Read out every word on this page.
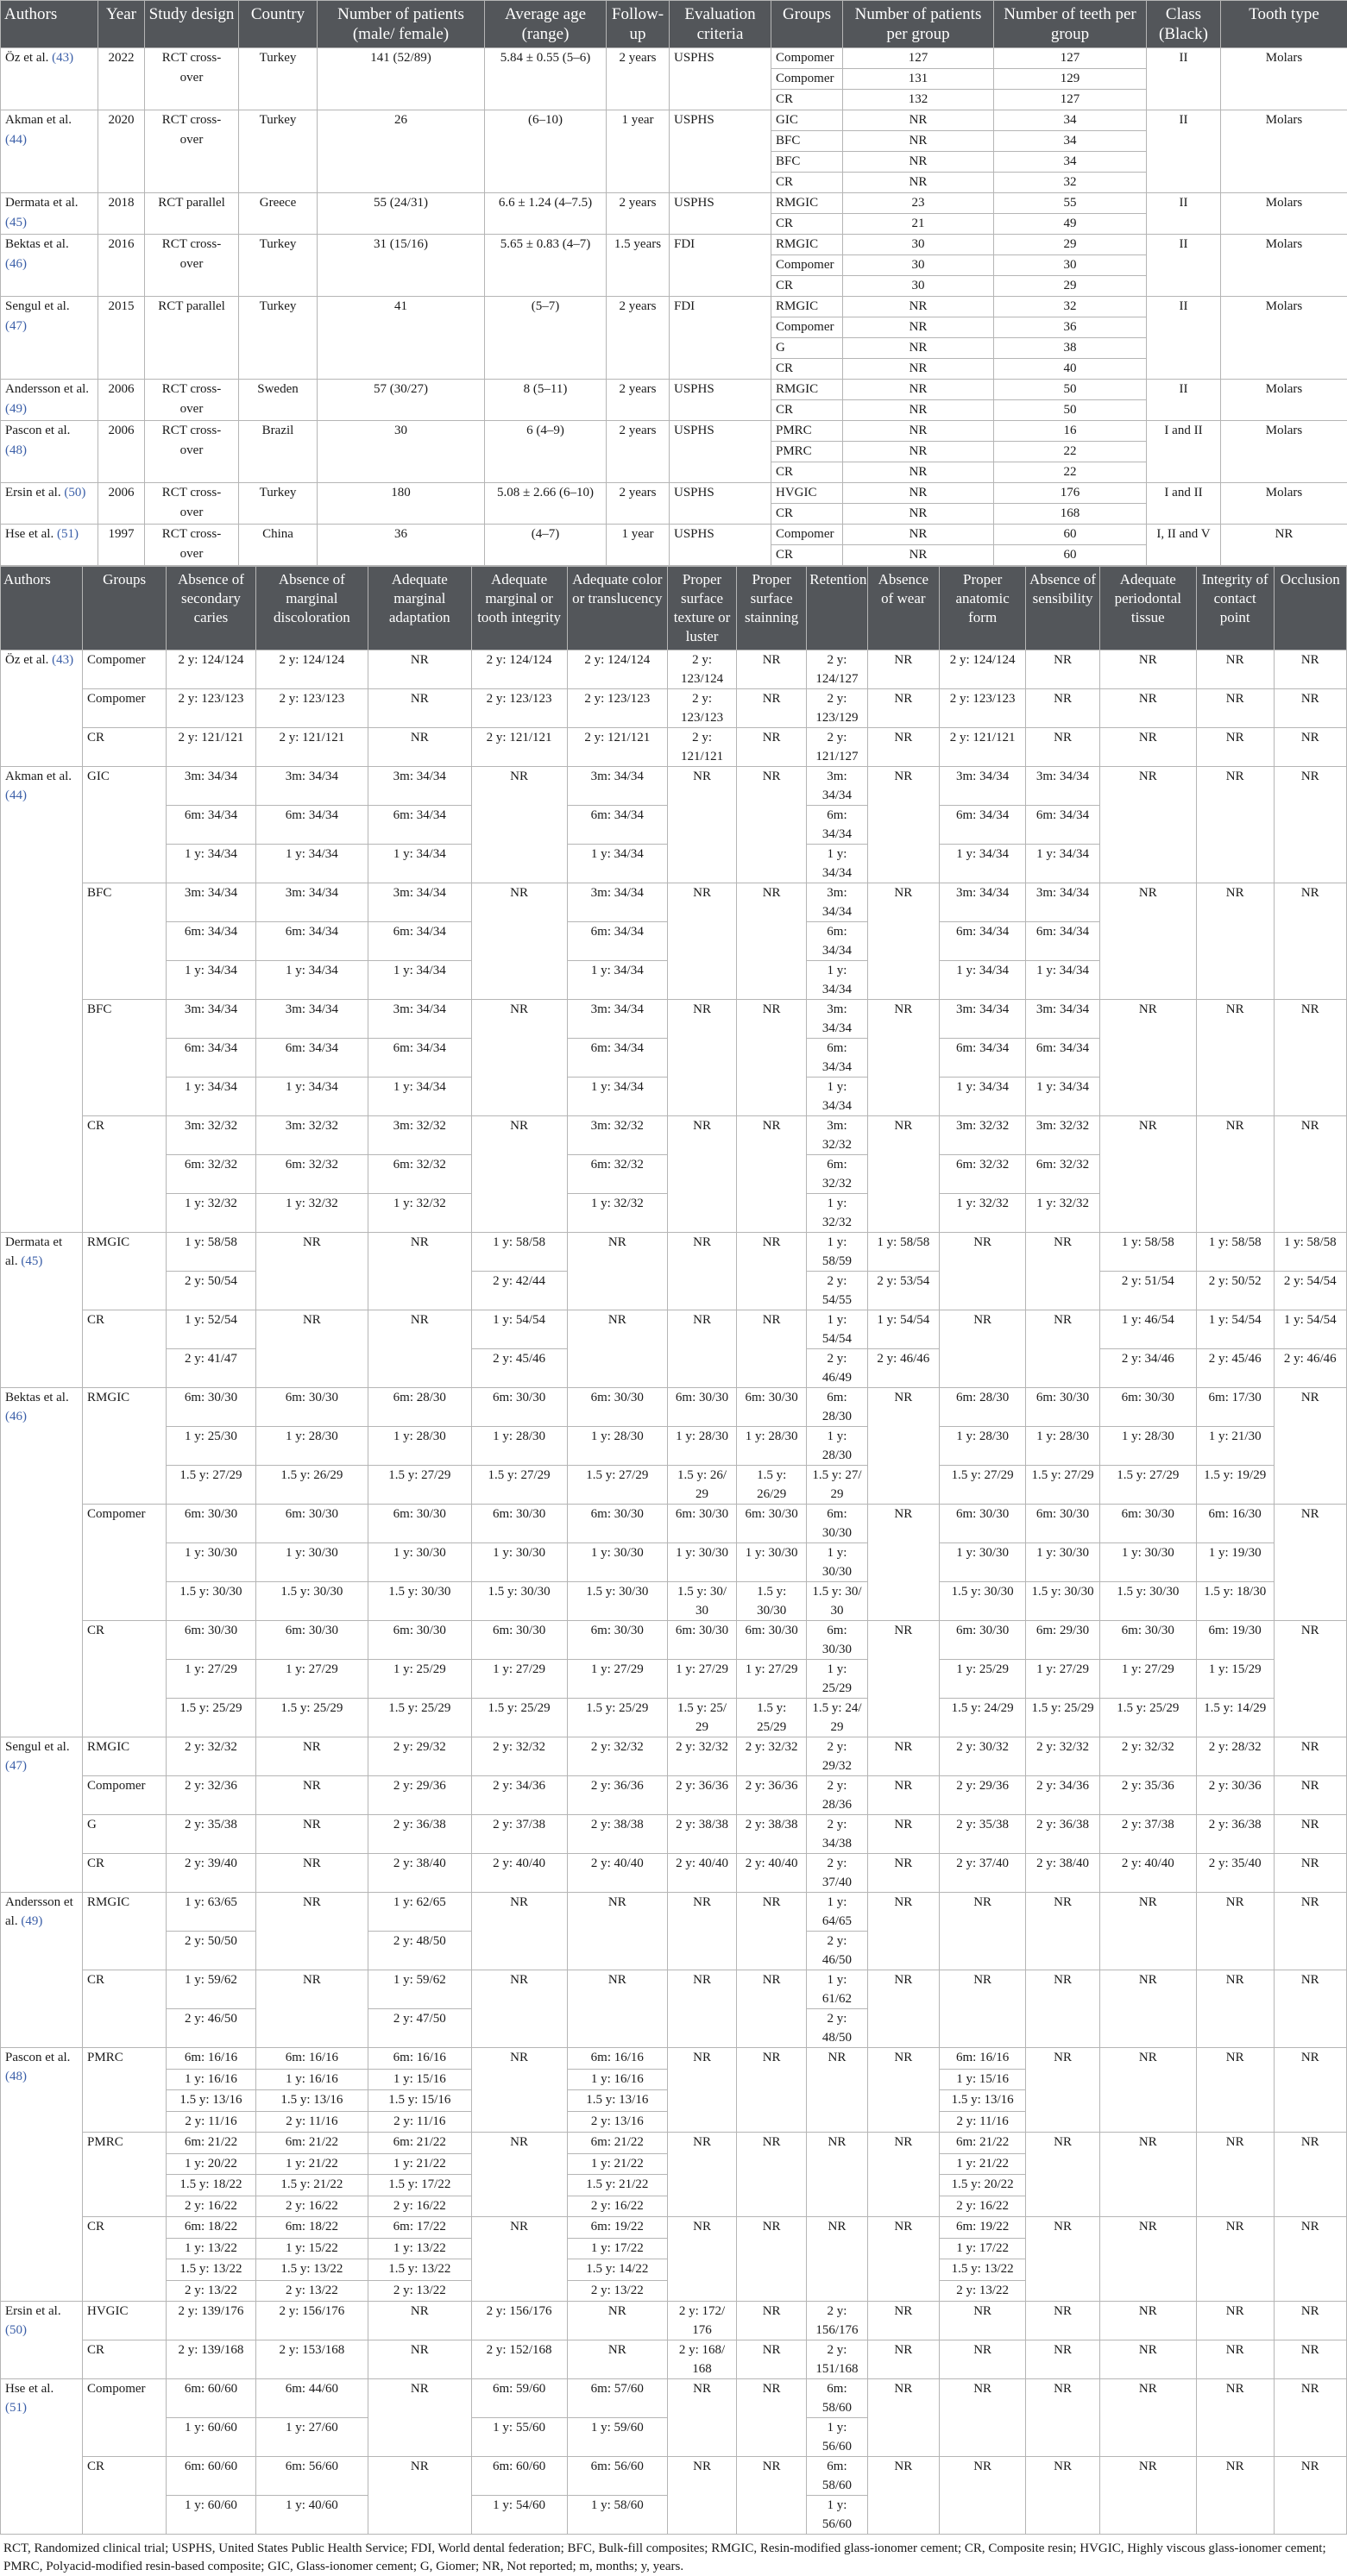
Authors	Year	Study design	Country	Number of patients (male/ female)	Average age (range)	Follow- up	Evaluation criteria	Groups	Number of patients per group	Number of teeth per group	Class (Black)	Tooth type
Öz et al. (43)	2022	RCT cross- over	Turkey	141 (52/89)	5.84 ± 0.55 (5–6)	2 years	USPHS	Compomer	127	127	II	Molars
								Compomer	131	129		
								CR	132	127		
Akman et al. (44)	2020	RCT cross- over	Turkey	26	(6–10)	1 year	USPHS	GIC	NR	34	II	Molars
								BFC	NR	34		
								BFC	NR	34		
								CR	NR	32		
Dermata et al. (45)	2018	RCT parallel	Greece	55 (24/31)	6.6 ± 1.24 (4–7.5)	2 years	USPHS	RMGIC	23	55	II	Molars
								CR	21	49		
Bektas et al. (46)	2016	RCT cross- over	Turkey	31 (15/16)	5.65 ± 0.83 (4–7)	1.5 years	FDI	RMGIC	30	29	II	Molars
								Compomer	30	30		
								CR	30	29		
Sengul et al. (47)	2015	RCT parallel	Turkey	41	(5–7)	2 years	FDI	RMGIC	NR	32	II	Molars
								Compomer	NR	36		
								G	NR	38		
								CR	NR	40		
Andersson et al. (49)	2006	RCT cross- over	Sweden	57 (30/27)	8 (5–11)	2 years	USPHS	RMGIC	NR	50	II	Molars
								CR	NR	50		
Pascon et al. (48)	2006	RCT cross- over	Brazil	30	6 (4–9)	2 years	USPHS	PMRC	NR	16	I and II	Molars
								PMRC	NR	22		
								CR	NR	22		
Ersin et al. (50)	2006	RCT cross- over	Turkey	180	5.08 ± 2.66 (6–10)	2 years	USPHS	HVGIC	NR	176	I and II	Molars
								CR	NR	168		
Hse et al. (51)	1997	RCT cross- over	China	36	(4–7)	1 year	USPHS	Compomer	NR	60	I, II and V	NR
								CR	NR	60		
Authors	Groups	Absence of secondary caries	Absence of marginal discoloration	Adequate marginal adaptation	Adequate marginal or tooth integrity	Adequate color or translucency	Proper surface texture or luster	Proper surface stainning	Retention	Absence of wear	Proper anatomic form	Absence of sensibility	Adequate periodontal tissue	Integrity of contact point	Occlusion
Öz et al. (43)	Compomer	2 y: 124/124	2 y: 124/124	NR	2 y: 124/124	2 y: 124/124	2 y: 123/124	NR	2 y: 124/127	NR	2 y: 124/124	NR	NR	NR	NR
	Compomer	2 y: 123/123	2 y: 123/123	NR	2 y: 123/123	2 y: 123/123	2 y: 123/123	NR	2 y: 123/129	NR	2 y: 123/123	NR	NR	NR	NR
	CR	2 y: 121/121	2 y: 121/121	NR	2 y: 121/121	2 y: 121/121	2 y: 121/121	NR	2 y: 121/127	NR	2 y: 121/121	NR	NR	NR	NR
Akman et al. (44)	GIC	3m: 34/34	3m: 34/34	3m: 34/34	NR	3m: 34/34	NR	NR	3m: 34/34	NR	3m: 34/34	3m: 34/34	NR	NR	NR
		6m: 34/34	6m: 34/34	6m: 34/34		6m: 34/34			6m: 34/34		6m: 34/34	6m: 34/34			
		1 y: 34/34	1 y: 34/34	1 y: 34/34		1 y: 34/34			1 y: 34/34		1 y: 34/34	1 y: 34/34			
	BFC	3m: 34/34	3m: 34/34	3m: 34/34	NR	3m: 34/34	NR	NR	3m: 34/34	NR	3m: 34/34	3m: 34/34	NR	NR	NR
		6m: 34/34	6m: 34/34	6m: 34/34		6m: 34/34			6m: 34/34		6m: 34/34	6m: 34/34			
		1 y: 34/34	1 y: 34/34	1 y: 34/34		1 y: 34/34			1 y: 34/34		1 y: 34/34	1 y: 34/34			
	BFC	3m: 34/34	3m: 34/34	3m: 34/34	NR	3m: 34/34	NR	NR	3m: 34/34	NR	3m: 34/34	3m: 34/34	NR	NR	NR
		6m: 34/34	6m: 34/34	6m: 34/34		6m: 34/34			6m: 34/34		6m: 34/34	6m: 34/34			
		1 y: 34/34	1 y: 34/34	1 y: 34/34		1 y: 34/34			1 y: 34/34		1 y: 34/34	1 y: 34/34			
	CR	3m: 32/32	3m: 32/32	3m: 32/32	NR	3m: 32/32	NR	NR	3m: 32/32	NR	3m: 32/32	3m: 32/32	NR	NR	NR
		6m: 32/32	6m: 32/32	6m: 32/32		6m: 32/32			6m: 32/32		6m: 32/32	6m: 32/32			
		1 y: 32/32	1 y: 32/32	1 y: 32/32		1 y: 32/32			1 y: 32/32		1 y: 32/32	1 y: 32/32			
Dermata et al. (45)	RMGIC	1 y: 58/58	NR	NR	1 y: 58/58	NR	NR	NR	1 y: 58/59	1 y: 58/58	NR	NR	1 y: 58/58	1 y: 58/58	1 y: 58/58
		2 y: 50/54			2 y: 42/44				2 y: 54/55	2 y: 53/54			2 y: 51/54	2 y: 50/52	2 y: 54/54
	CR	1 y: 52/54	NR	NR	1 y: 54/54	NR	NR	NR	1 y: 54/54	1 y: 54/54	NR	NR	1 y: 46/54	1 y: 54/54	1 y: 54/54
		2 y: 41/47			2 y: 45/46				2 y: 46/49	2 y: 46/46			2 y: 34/46	2 y: 45/46	2 y: 46/46
Bektas et al. (46)	RMGIC	6m: 30/30	6m: 30/30	6m: 28/30	6m: 30/30	6m: 30/30	6m: 30/30	6m: 30/30	6m: 28/30	NR	6m: 28/30	6m: 30/30	6m: 30/30	6m: 17/30	NR
		1 y: 25/30	1 y: 28/30	1 y: 28/30	1 y: 28/30	1 y: 28/30	1 y: 28/30	1 y: 28/30	1 y: 28/30		1 y: 28/30	1 y: 28/30	1 y: 28/30	1 y: 21/30	
		1.5 y: 27/29	1.5 y: 26/29	1.5 y: 27/29	1.5 y: 27/29	1.5 y: 27/29	1.5 y: 26/ 29	1.5 y: 26/29	1.5 y: 27/ 29		1.5 y: 27/29	1.5 y: 27/29	1.5 y: 27/29	1.5 y: 19/29	
	Compomer	6m: 30/30	6m: 30/30	6m: 30/30	6m: 30/30	6m: 30/30	6m: 30/30	6m: 30/30	6m: 30/30	NR	6m: 30/30	6m: 30/30	6m: 30/30	6m: 16/30	NR
		1 y: 30/30	1 y: 30/30	1 y: 30/30	1 y: 30/30	1 y: 30/30	1 y: 30/30	1 y: 30/30	1 y: 30/30		1 y: 30/30	1 y: 30/30	1 y: 30/30	1 y: 19/30	
		1.5 y: 30/30	1.5 y: 30/30	1.5 y: 30/30	1.5 y: 30/30	1.5 y: 30/30	1.5 y: 30/ 30	1.5 y: 30/30	1.5 y: 30/ 30		1.5 y: 30/30	1.5 y: 30/30	1.5 y: 30/30	1.5 y: 18/30	
	CR	6m: 30/30	6m: 30/30	6m: 30/30	6m: 30/30	6m: 30/30	6m: 30/30	6m: 30/30	6m: 30/30	NR	6m: 30/30	6m: 29/30	6m: 30/30	6m: 19/30	NR
		1 y: 27/29	1 y: 27/29	1 y: 25/29	1 y: 27/29	1 y: 27/29	1 y: 27/29	1 y: 27/29	1 y: 25/29		1 y: 25/29	1 y: 27/29	1 y: 27/29	1 y: 15/29	
		1.5 y: 25/29	1.5 y: 25/29	1.5 y: 25/29	1.5 y: 25/29	1.5 y: 25/29	1.5 y: 25/ 29	1.5 y: 25/29	1.5 y: 24/ 29		1.5 y: 24/29	1.5 y: 25/29	1.5 y: 25/29	1.5 y: 14/29	
Sengul et al. (47)	RMGIC	2 y: 32/32	NR	2 y: 29/32	2 y: 32/32	2 y: 32/32	2 y: 32/32	2 y: 32/32	2 y: 29/32	NR	2 y: 30/32	2 y: 32/32	2 y: 32/32	2 y: 28/32	NR
	Compomer	2 y: 32/36	NR	2 y: 29/36	2 y: 34/36	2 y: 36/36	2 y: 36/36	2 y: 36/36	2 y: 28/36	NR	2 y: 29/36	2 y: 34/36	2 y: 35/36	2 y: 30/36	NR
	G	2 y: 35/38	NR	2 y: 36/38	2 y: 37/38	2 y: 38/38	2 y: 38/38	2 y: 38/38	2 y: 34/38	NR	2 y: 35/38	2 y: 36/38	2 y: 37/38	2 y: 36/38	NR
	CR	2 y: 39/40	NR	2 y: 38/40	2 y: 40/40	2 y: 40/40	2 y: 40/40	2 y: 40/40	2 y: 37/40	NR	2 y: 37/40	2 y: 38/40	2 y: 40/40	2 y: 35/40	NR
Andersson et al. (49)	RMGIC	1 y: 63/65	NR	1 y: 62/65	NR	NR	NR	NR	1 y: 64/65	NR	NR	NR	NR	NR	NR
		2 y: 50/50		2 y: 48/50					2 y: 46/50						
	CR	1 y: 59/62	NR	1 y: 59/62	NR	NR	NR	NR	1 y: 61/62	NR	NR	NR	NR	NR	NR
		2 y: 46/50		2 y: 47/50					2 y: 48/50						
Pascon et al. (48)	PMRC	6m: 16/16	6m: 16/16	6m: 16/16	NR	6m: 16/16	NR	NR	NR	NR	6m: 16/16	NR	NR	NR	NR
		1 y: 16/16	1 y: 16/16	1 y: 15/16		1 y: 16/16					1 y: 15/16				
		1.5 y: 13/16	1.5 y: 13/16	1.5 y: 15/16		1.5 y: 13/16					1.5 y: 13/16				
		2 y: 11/16	2 y: 11/16	2 y: 11/16		2 y: 13/16					2 y: 11/16				
	PMRC	6m: 21/22	6m: 21/22	6m: 21/22	NR	6m: 21/22	NR	NR	NR	NR	6m: 21/22	NR	NR	NR	NR
		1 y: 20/22	1 y: 21/22	1 y: 21/22		1 y: 21/22					1 y: 21/22				
		1.5 y: 18/22	1.5 y: 21/22	1.5 y: 17/22		1.5 y: 21/22					1.5 y: 20/22				
		2 y: 16/22	2 y: 16/22	2 y: 16/22		2 y: 16/22					2 y: 16/22				
	CR	6m: 18/22	6m: 18/22	6m: 17/22	NR	6m: 19/22	NR	NR	NR	NR	6m: 19/22	NR	NR	NR	NR
		1 y: 13/22	1 y: 15/22	1 y: 13/22		1 y: 17/22					1 y: 17/22				
		1.5 y: 13/22	1.5 y: 13/22	1.5 y: 13/22		1.5 y: 14/22					1.5 y: 13/22				
		2 y: 13/22	2 y: 13/22	2 y: 13/22		2 y: 13/22					2 y: 13/22				
Ersin et al. (50)	HVGIC	2 y: 139/176	2 y: 156/176	NR	2 y: 156/176	NR	2 y: 172/ 176	NR	2 y: 156/176	NR	NR	NR	NR	NR	NR
	CR	2 y: 139/168	2 y: 153/168	NR	2 y: 152/168	NR	2 y: 168/ 168	NR	2 y: 151/168	NR	NR	NR	NR	NR	NR
Hse et al. (51)	Compomer	6m: 60/60	6m: 44/60	NR	6m: 59/60	6m: 57/60	NR	NR	6m: 58/60	NR	NR	NR	NR	NR	NR
		1 y: 60/60	1 y: 27/60		1 y: 55/60	1 y: 59/60			1 y: 56/60						
	CR	6m: 60/60	6m: 56/60	NR	6m: 60/60	6m: 56/60	NR	NR	6m: 58/60	NR	NR	NR	NR	NR	NR
		1 y: 60/60	1 y: 40/60		1 y: 54/60	1 y: 58/60			1 y: 56/60						
RCT, Randomized clinical trial; USPHS, United States Public Health Service; FDI, World dental federation; BFC, Bulk-fill composites; RMGIC, Resin-modified glass-ionomer cement; CR, Composite resin; HVGIC, Highly viscous glass-ionomer cement; PMRC, Polyacid-modified resin-based composite; GIC, Glass-ionomer cement; G, Giomer; NR, Not reported; m, months; y, years.
